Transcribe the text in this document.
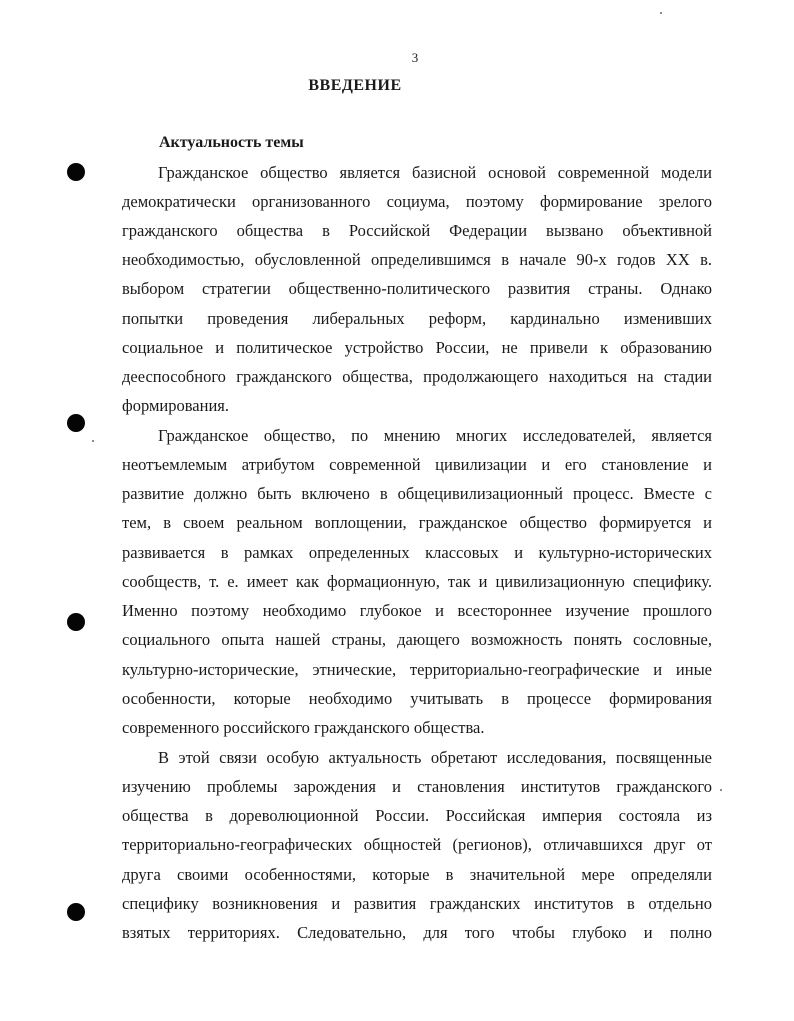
3
ВВЕДЕНИЕ
Актуальность темы
Гражданское общество является базисной основой современной модели
демократически организованного социума, поэтому формирование зрелого
гражданского общества в Российской Федерации вызвано объективной
необходимостью, обусловленной определившимся в начале 90-х годов XX в.
выбором стратегии общественно-политического развития страны. Однако
попытки проведения либеральных реформ, кардинально изменивших
социальное и политическое устройство России, не привели к образованию
дееспособного гражданского общества, продолжающего находиться на стадии
формирования.
Гражданское общество, по мнению многих исследователей, является
неотъемлемым атрибутом современной цивилизации и его становление и
развитие должно быть включено в общецивилизационный процесс. Вместе с
тем, в своем реальном воплощении, гражданское общество формируется и
развивается в рамках определенных классовых и культурно-исторических
сообществ, т. е. имеет как формационную, так и цивилизационную специфику.
Именно поэтому необходимо глубокое и всестороннее изучение прошлого
социального опыта нашей страны, дающего возможность понять сословные,
культурно-исторические, этнические, территориально-географические и иные
особенности, которые необходимо учитывать в процессе формирования
современного российского гражданского общества.
В этой связи особую актуальность обретают исследования, посвященные
изучению проблемы зарождения и становления институтов гражданского
общества в дореволюционной России. Российская империя состояла из
территориально-географических общностей (регионов), отличавшихся друг от
друга своими особенностями, которые в значительной мере определяли
специфику возникновения и развития гражданских институтов в отдельно
взятых территориях. Следовательно, для того чтобы глубоко и полно
